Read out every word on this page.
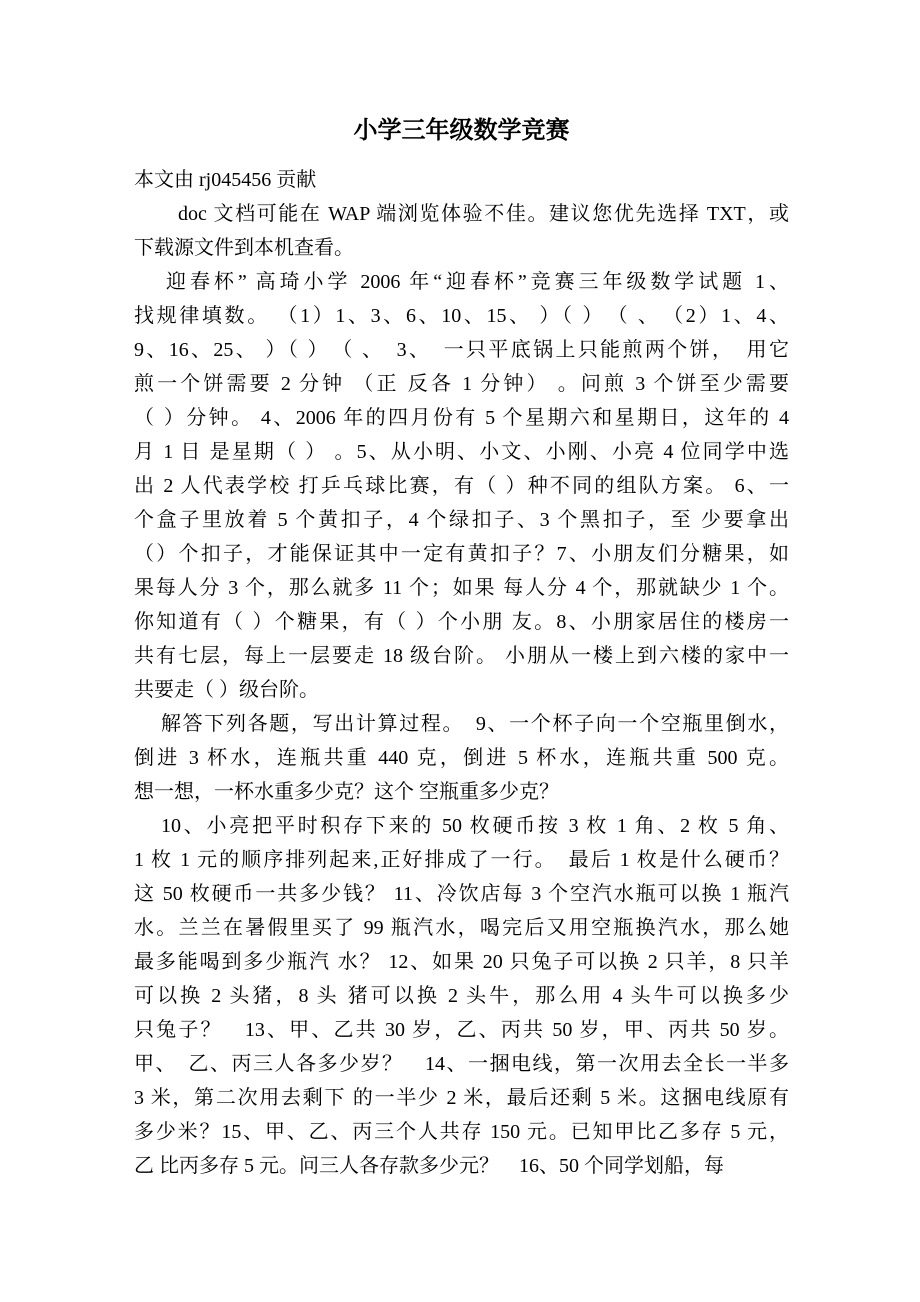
小学三年级数学竞赛
本文由 rj045456 贡献
doc 文档可能在 WAP 端浏览体验不佳。建议您优先选择 TXT，或
下载源文件到本机查看。
迎春杯” 高琦小学 2006 年“迎春杯”竞赛三年级数学试题 1、
找规律填数。 （1）1、3、6、10、15、 ）（ ）　（ 、　（2）1、4、
9、16、25、 ）（ ）　（ 、　3、　一只平底锅上只能煎两个饼，　用它
煎一个饼需要 2 分钟 （正 反各 1 分钟） 。问煎 3 个饼至少需要
（ ）分钟。 4、2006 年的四月份有 5 个星期六和星期日，这年的 4
月 1 日 是星期（ ） 。5、从小明、小文、小刚、小亮 4 位同学中选
出 2 人代表学校 打乒乓球比赛，有（ ）种不同的组队方案。 6、一
个盒子里放着 5 个黄扣子，4 个绿扣子、3 个黑扣子，至 少要拿出
（）个扣子，才能保证其中一定有黄扣子？7、小朋友们分糖果，如
果每人分 3 个，那么就多 11 个；如果 每人分 4 个，那就缺少 1 个。
你知道有（ ）个糖果，有（ ）个小朋 友。8、小朋家居住的楼房一
共有七层，每上一层要走 18 级台阶。 小朋从一楼上到六楼的家中一
共要走（ ）级台阶。
解答下列各题，写出计算过程。　9、一个杯子向一个空瓶里倒水，
倒进 3 杯水，连瓶共重 440 克，倒进 5 杯水，连瓶共重 500 克。
想一想，一杯水重多少克？这个 空瓶重多少克？
10、小亮把平时积存下来的 50 枚硬币按 3 枚 1 角、2 枚 5 角、
1 枚 1 元的顺序排列起来,正好排成了一行。　最后 1 枚是什么硬币？
这 50 枚硬币一共多少钱？ 11、冷饮店每 3 个空汽水瓶可以换 1 瓶汽
水。兰兰在暑假里买了 99 瓶汽水，喝完后又用空瓶换汽水，那么她
最多能喝到多少瓶汽 水？ 12、如果 20 只兔子可以换 2 只羊，8 只羊
可以换 2 头猪，8 头 猪可以换 2 头牛，那么用 4 头牛可以换多少
只兔子？　13、甲、乙共 30 岁，乙、丙共 50 岁，甲、丙共 50 岁。
甲、　乙、丙三人各多少岁？　14、一捆电线，第一次用去全长一半多
3 米，第二次用去剩下 的一半少 2 米，最后还剩 5 米。这捆电线原有
多少米？15、甲、乙、丙三个人共存 150 元。已知甲比乙多存 5 元，
乙 比丙多存 5 元。问三人各存款多少元？　16、50 个同学划船，每
